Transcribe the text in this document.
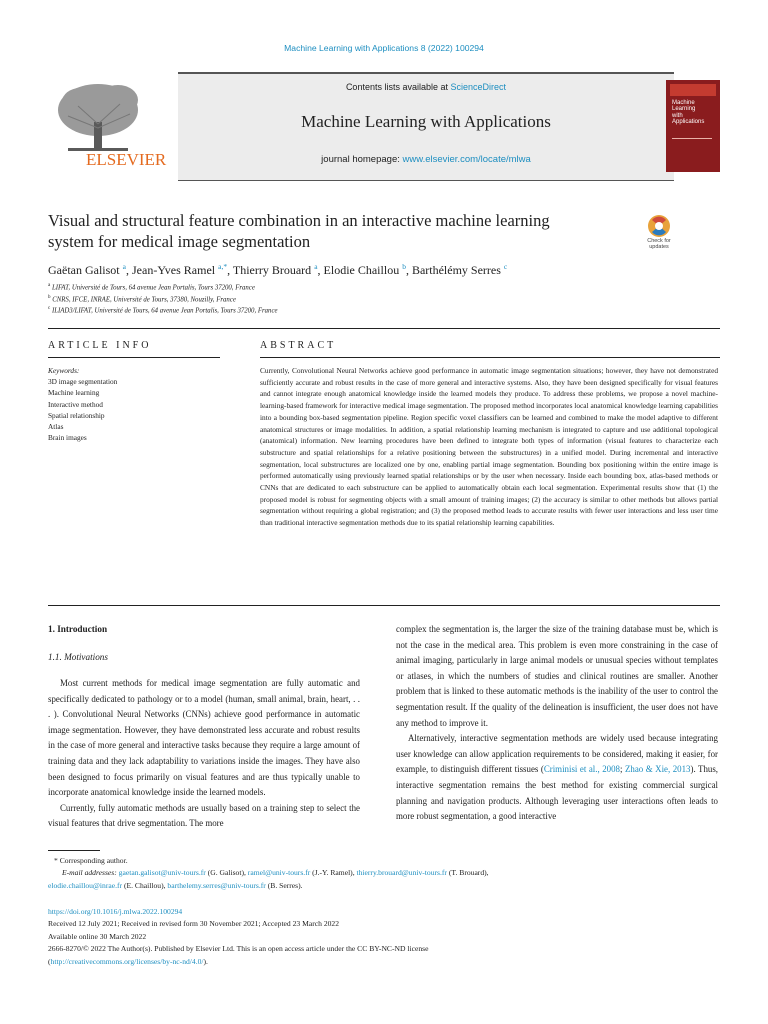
Machine Learning with Applications 8 (2022) 100294
ELSEVIER
Contents lists available at ScienceDirect
Machine Learning with Applications
journal homepage: www.elsevier.com/locate/mlwa
Machine
Learning
with
Applications
Visual and structural feature combination in an interactive machine learning
system for medical image segmentation	Check for
updates
Gaëtan Galisot $^a$, Jean-Yves Ramel $^{a,*}$, Thierry Brouard $^a$, Elodie Chaillou $^b$, Barthélémy Serres $^c$
$^a$ LIFAT, Université de Tours, 64 avenue Jean Portalis, Tours 37200, France
$^b$ CNRS, IFCE, INRAE, Université de Tours, 37380, Nouzilly, France
$^c$ ILIAD3/LIFAT, Université de Tours, 64 avenue Jean Portalis, Tours 37200, France
ARTICLE INFO	ABSTRACT
Keywords:
3D image segmentation
Machine learning
Interactive method
Spatial relationship
Atlas
Brain images
Currently, Convolutional Neural Networks achieve good performance in automatic image segmentation situations; however, they have not demonstrated sufficiently accurate and robust results in the case of more general and interactive systems. Also, they have been designed specifically for visual features and cannot integrate enough anatomical knowledge inside the learned models they produce. To address these problems, we propose a novel machine-learning-based framework for interactive medical image segmentation. The proposed method incorporates local anatomical knowledge learning capabilities into a bounding box-based segmentation pipeline. Region specific voxel classifiers can be learned and combined to make the model adaptive to different anatomical structures or image modalities. In addition, a spatial relationship learning mechanism is integrated to capture and use additional topological (anatomical) information. New learning procedures have been defined to integrate both types of information (visual features to characterize each substructure and spatial relationships for a relative positioning between the substructures) in a unified model. During incremental and interactive segmentation, local substructures are localized one by one, enabling partial image segmentation. Bounding box positioning within the entire image is performed automatically using previously learned spatial relationships or by the user when necessary. Inside each bounding box, atlas-based methods or CNNs that are dedicated to each substructure can be applied to automatically obtain each local segmentation. Experimental results show that (1) the proposed model is robust for segmenting objects with a small amount of training images; (2) the accuracy is similar to other methods but allows partial segmentation without requiring a global registration; and (3) the proposed method leads to accurate results with fewer user interactions and less user time than traditional interactive segmentation methods due to its spatial relationship learning capabilities.
1. Introduction
1.1. Motivations

Most current methods for medical image segmentation are fully automatic and specifically dedicated to pathology or to a model (human, small animal, brain, heart, . . . ). Convolutional Neural Networks (CNNs) achieve good performance in automatic image segmentation. However, they have demonstrated less accurate and robust results in the case of more general and interactive tasks because they require a large amount of training data and they lack adaptability to variations inside the images. They have also been designed to focus primarily on visual features and are thus typically unable to incorporate anatomical knowledge inside the learned models.

Currently, fully automatic methods are usually based on a training step to select the visual features that drive segmentation. The more

complex the segmentation is, the larger the size of the training database must be, which is not the case in the medical area. This problem is even more constraining in the case of animal imaging, particularly in large animal models or unusual species without templates or atlases, in which the numbers of studies and clinical routines are smaller. Another problem that is linked to these automatic methods is the inability of the user to control the segmentation result. If the quality of the delineation is insufficient, the user does not have any method to improve it.

Alternatively, interactive segmentation methods are widely used because integrating user knowledge can allow application requirements to be considered, making it easier, for example, to distinguish different tissues (Criminisi et al., 2008; Zhao & Xie, 2013). Thus, interactive segmentation remains the best method for existing commercial surgical planning and navigation products. Although leveraging user interactions often leads to more robust segmentation, a good interactive

* Corresponding author.
E-mail addresses: gaetan.galisot@univ-tours.fr (G. Galisot), ramel@univ-tours.fr (J.-Y. Ramel), thierry.brouard@univ-tours.fr (T. Brouard),
elodie.chaillou@inrae.fr (E. Chaillou), barthelemy.serres@univ-tours.fr (B. Serres).
https://doi.org/10.1016/j.mlwa.2022.100294
Received 12 July 2021; Received in revised form 30 November 2021; Accepted 23 March 2022
Available online 30 March 2022
2666-8270/© 2022 The Author(s). Published by Elsevier Ltd. This is an open access article under the CC BY-NC-ND license
(http://creativecommons.org/licenses/by-nc-nd/4.0/).
